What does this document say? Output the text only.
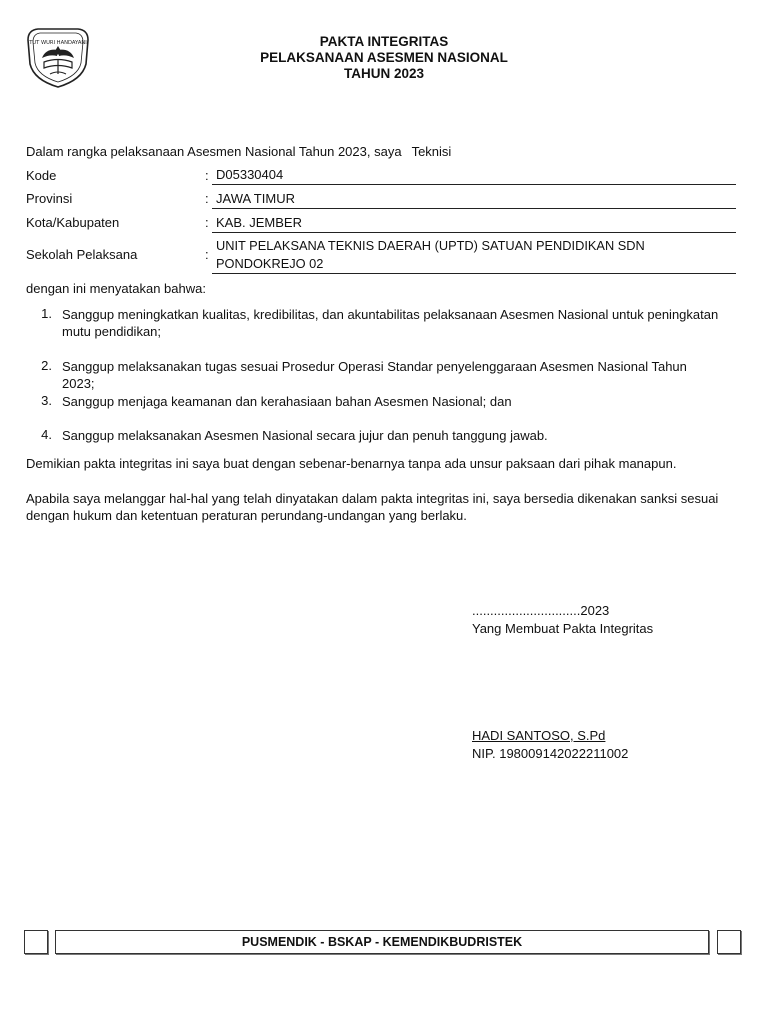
TUT WURI HANDAYANI	PAKTA INTEGRITAS
PELAKSANAAN ASESMEN NASIONAL
TAHUN 2023
Dalam rangka pelaksanaan Asesmen Nasional Tahun 2023, saya Teknisi
Kode	: D05330404
Provinsi	: JAWA TIMUR
Kota/Kabupaten	: KAB. JEMBER
Sekolah Pelaksana	:
UNIT PELAKSANA TEKNIS DAERAH (UPTD) SATUAN PENDIDIKAN SDN PONDOKREJO 02
dengan ini menyatakan bahwa:
1. Sanggup meningkatkan kualitas, kredibilitas, dan akuntabilitas pelaksanaan Asesmen Nasional untuk peningkatan mutu pendidikan;
2. Sanggup melaksanakan tugas sesuai Prosedur Operasi Standar penyelenggaraan Asesmen Nasional Tahun 2023;
3. Sanggup menjaga keamanan dan kerahasiaan bahan Asesmen Nasional; dan
4. Sanggup melaksanakan Asesmen Nasional secara jujur dan penuh tanggung jawab.
Demikian pakta integritas ini saya buat dengan sebenar-benarnya tanpa ada unsur paksaan dari pihak manapun.
Apabila saya melanggar hal-hal yang telah dinyatakan dalam pakta integritas ini, saya bersedia dikenakan sanksi sesuai dengan hukum dan ketentuan peraturan perundang-undangan yang berlaku.
..............................2023
Yang Membuat Pakta Integritas
HADI SANTOSO, S.Pd
NIP. 198009142022211002
PUSMENDIK - BSKAP - KEMENDIKBUDRISTEK
